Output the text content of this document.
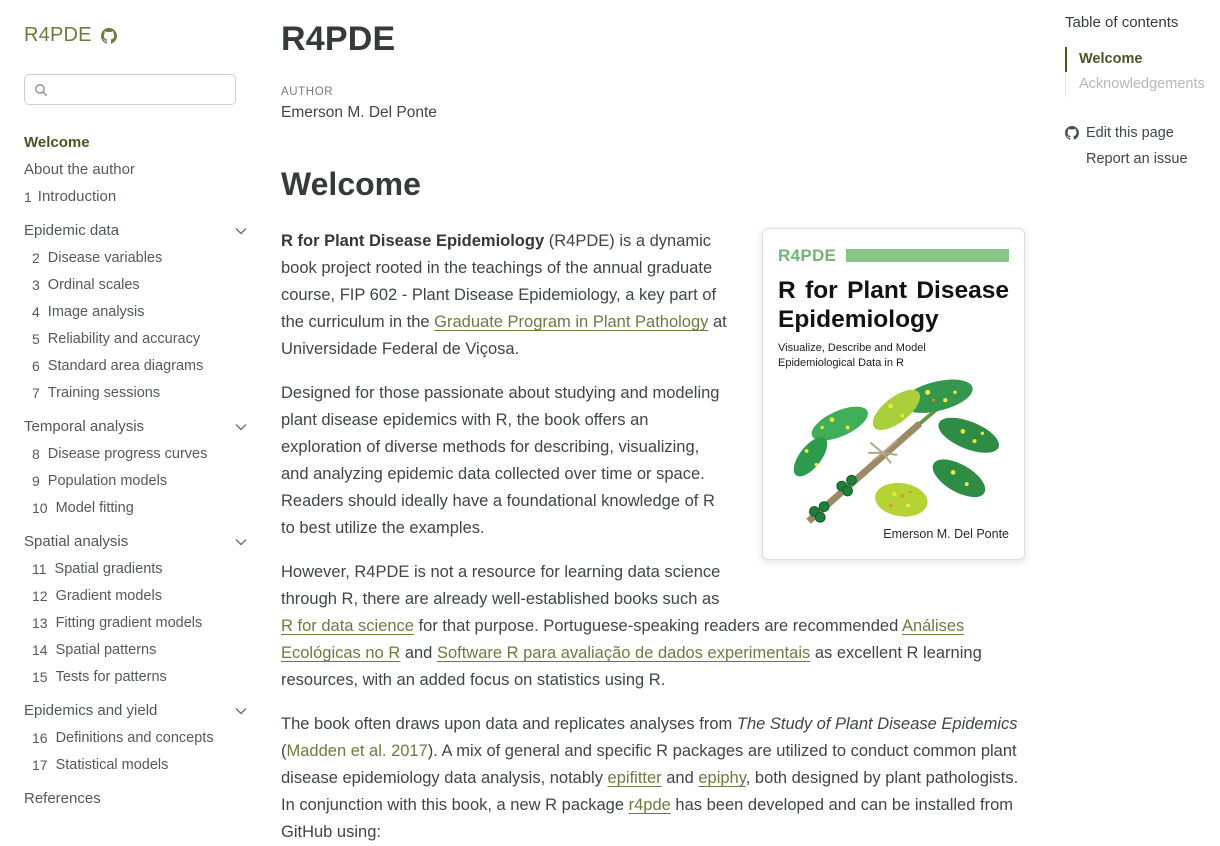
R4PDE
Welcome
About the author
1 Introduction
Epidemic data
2 Disease variables
3 Ordinal scales
4 Image analysis
5 Reliability and accuracy
6 Standard area diagrams
7 Training sessions
Temporal analysis
8 Disease progress curves
9 Population models
10 Model fitting
Spatial analysis
11 Spatial gradients
12 Gradient models
13 Fitting gradient models
14 Spatial patterns
15 Tests for patterns
Epidemics and yield
16 Definitions and concepts
17 Statistical models
References
R4PDE
AUTHOR
Emerson M. Del Ponte
Welcome
R4PDE
R for Plant Disease
Epidemiology
Visualize, Describe and Model
Epidemiological Data in R
Emerson M. Del Ponte

R for Plant Disease Epidemiology (R4PDE) is a dynamic book project rooted in the teachings of the annual graduate course, FIP 602 - Plant Disease Epidemiology, a key part of the curriculum in the Graduate Program in Plant Pathology at Universidade Federal de Viçosa.

Designed for those passionate about studying and modeling plant disease epidemics with R, the book offers an exploration of diverse methods for describing, visualizing, and analyzing epidemic data collected over time or space. Readers should ideally have a foundational knowledge of R to best utilize the examples.

However, R4PDE is not a resource for learning data science through R, there are already well-established books such as R for data science for that purpose. Portuguese-speaking readers are recommended Análises Ecológicas no R and Software R para avaliação de dados experimentais as excellent R learning resources, with an added focus on statistics using R.

The book often draws upon data and replicates analyses from The Study of Plant Disease Epidemics (Madden et al. 2017). A mix of general and specific R packages are utilized to conduct common plant disease epidemiology data analysis, notably epifitter and epiphy, both designed by plant pathologists. In conjunction with this book, a new R package r4pde has been developed and can be installed from GitHub using:

Table of contents
Welcome
Acknowledgements
Edit this page
Report an issue
